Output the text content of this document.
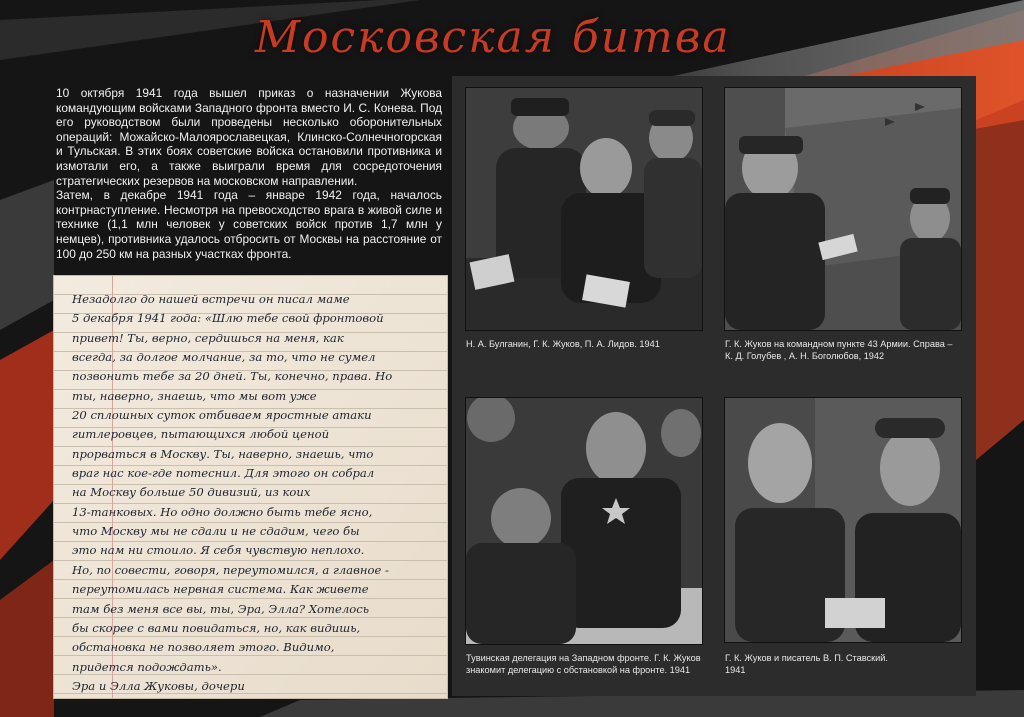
Московская битва

10 октября 1941 года вышел приказ о назначении Жукова командующим войсками Западного фронта вместо И. С. Конева. Под его руководством были проведены несколько оборонительных операций: Можайско-Малоярославецкая, Клинско-Солнечногорская и Тульская. В этих боях советские войска остановили противника и измотали его, а также выиграли время для сосредоточения стратегических резервов на московском направлении.

Затем, в декабре 1941 года – январе 1942 года, началось контрнаступление. Несмотря на превосходство врага в живой силе и технике (1,1 млн человек у советских войск против 1,7 млн у немцев), противника удалось отбросить от Москвы на расстояние от 100 до 250 км на разных участках фронта.

Незадолго до нашей встречи он писал маме
5 декабря 1941 года: «Шлю тебе свой фронтовой
привет! Ты, верно, сердишься на меня, как
всегда, за долгое молчание, за то, что не сумел
позвонить тебе за 20 дней. Ты, конечно, права. Но
ты, наверно, знаешь, что мы вот уже
20 сплошных суток отбиваем яростные атаки
гитлеровцев, пытающихся любой ценой
прорваться в Москву. Ты, наверно, знаешь, что
враг нас кое-где потеснил. Для этого он собрал
на Москву больше 50 дивизий, из коих
13-танковых. Но одно должно быть тебе ясно,
что Москву мы не сдали и не сдадим, чего бы
это нам ни стоило. Я себя чувствую неплохо.
Но, по совести, говоря, переутомился, а главное -
переутомилась нервная система. Как живете
там без меня все вы, ты, Эра, Элла? Хотелось
бы скорее с вами повидаться, но, как видишь,
обстановка не позволяет этого. Видимо,
придется подождать».
Эра и Элла Жуковы, дочери
Н. А. Булганин, Г. К. Жуков, П. А. Лидов. 1941	Г. К. Жуков на командном пункте 43 Армии. Справа – К. Д. Голубев , А. Н. Боголюбов, 1942
Тувинская делегация на Западном фронте. Г. К. Жуков знакомит делегацию с обстановкой на фронте. 1941
Г. К. Жуков и писатель В. П. Ставский. 1941
